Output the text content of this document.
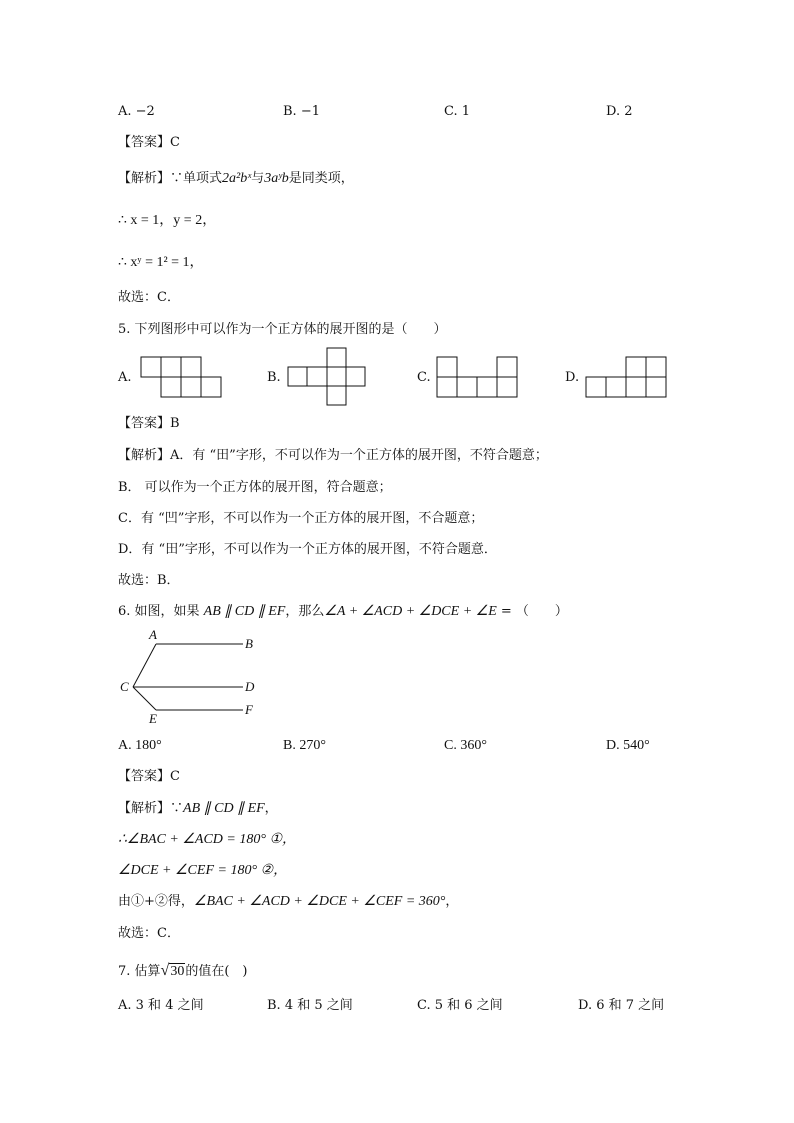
A. −2	B. −1	C. 1	D. 2
【答案】C
【解析】∵单项式2a²bˣ与3aʸb是同类项，
∴ x = 1，y = 2，
∴ xʸ = 1² = 1，
故选：C．
5. 下列图形中可以作为一个正方体的展开图的是（　　）
A.	B.	C.	D.
【答案】B
【解析】A．有 “田”字形，不可以作为一个正方体的展开图，不符合题意；
B． 可以作为一个正方体的展开图，符合题意；
C．有 “凹”字形，不可以作为一个正方体的展开图，不合题意；
D．有 “田”字形，不可以作为一个正方体的展开图，不符合题意．
故选：B．
6. 如图，如果 AB ∥ CD ∥ EF，那么∠A + ∠ACD + ∠DCE + ∠E = （　　）
A
B
C	D
E
F
A. 180°	B. 270°	C. 360°	D. 540°
【答案】C
【解析】∵AB ∥ CD ∥ EF，
∴∠BAC + ∠ACD = 180° ①，
∠DCE + ∠CEF = 180° ②，
由①+②得，∠BAC + ∠ACD + ∠DCE + ∠CEF = 360°，
故选：C．
7. 估算√30的值在(　)
A. 3 和 4 之间	B. 4 和 5 之间	C. 5 和 6 之间	D. 6 和 7 之间
